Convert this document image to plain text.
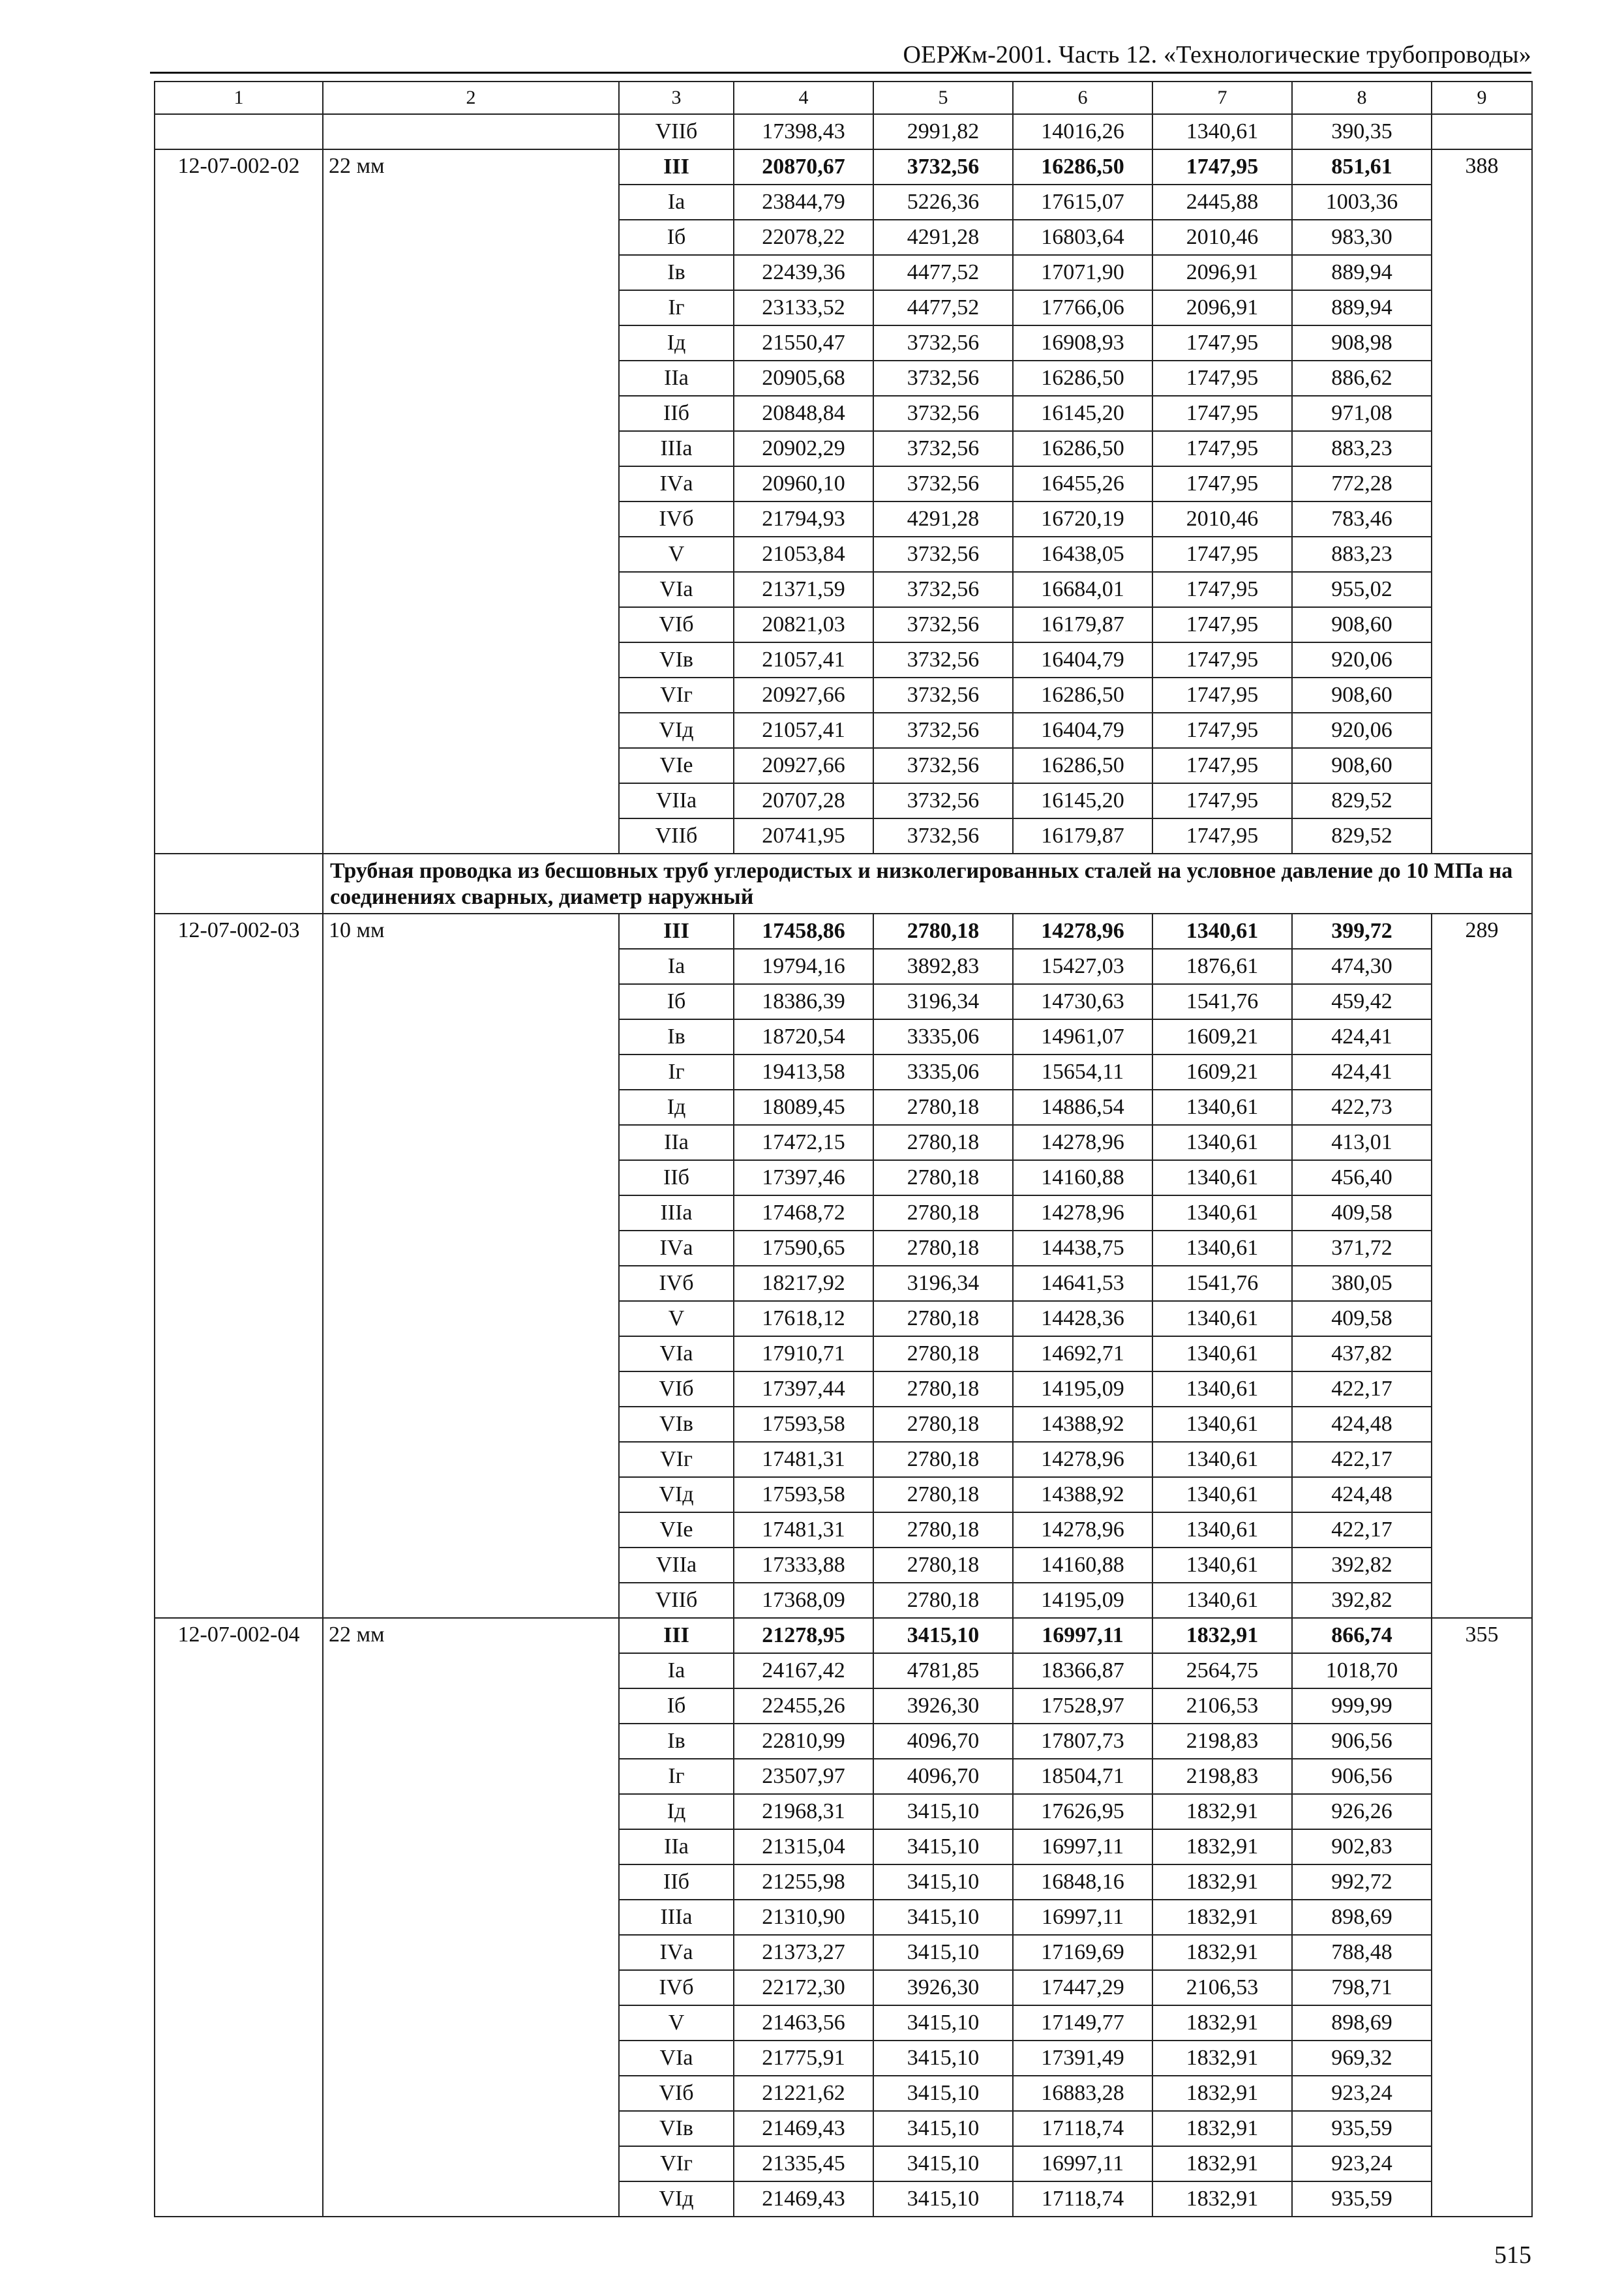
ОЕРЖм-2001. Часть 12. «Технологические трубопроводы»
1	2	3	4	5	6	7	8	9
		VIIб	17398,43	2991,82	14016,26	1340,61	390,35	
12-07-002-02	22 мм	III	20870,67	3732,56	16286,50	1747,95	851,61	388
		Iа	23844,79	5226,36	17615,07	2445,88	1003,36	
		Iб	22078,22	4291,28	16803,64	2010,46	983,30	
		Iв	22439,36	4477,52	17071,90	2096,91	889,94	
		Iг	23133,52	4477,52	17766,06	2096,91	889,94	
		Iд	21550,47	3732,56	16908,93	1747,95	908,98	
		IIа	20905,68	3732,56	16286,50	1747,95	886,62	
		IIб	20848,84	3732,56	16145,20	1747,95	971,08	
		IIIа	20902,29	3732,56	16286,50	1747,95	883,23	
		IVа	20960,10	3732,56	16455,26	1747,95	772,28	
		IVб	21794,93	4291,28	16720,19	2010,46	783,46	
		V	21053,84	3732,56	16438,05	1747,95	883,23	
		VIа	21371,59	3732,56	16684,01	1747,95	955,02	
		VIб	20821,03	3732,56	16179,87	1747,95	908,60	
		VIв	21057,41	3732,56	16404,79	1747,95	920,06	
		VIг	20927,66	3732,56	16286,50	1747,95	908,60	
		VIд	21057,41	3732,56	16404,79	1747,95	920,06	
		VIе	20927,66	3732,56	16286,50	1747,95	908,60	
		VIIа	20707,28	3732,56	16145,20	1747,95	829,52	
		VIIб	20741,95	3732,56	16179,87	1747,95	829,52	
	Трубная проводка из бесшовных труб углеродистых и низколегированных сталей на условное давление до 10 МПа на соединениях сварных, диаметр наружный							
12-07-002-03	10 мм	III	17458,86	2780,18	14278,96	1340,61	399,72	289
		Iа	19794,16	3892,83	15427,03	1876,61	474,30	
		Iб	18386,39	3196,34	14730,63	1541,76	459,42	
		Iв	18720,54	3335,06	14961,07	1609,21	424,41	
		Iг	19413,58	3335,06	15654,11	1609,21	424,41	
		Iд	18089,45	2780,18	14886,54	1340,61	422,73	
		IIа	17472,15	2780,18	14278,96	1340,61	413,01	
		IIб	17397,46	2780,18	14160,88	1340,61	456,40	
		IIIа	17468,72	2780,18	14278,96	1340,61	409,58	
		IVа	17590,65	2780,18	14438,75	1340,61	371,72	
		IVб	18217,92	3196,34	14641,53	1541,76	380,05	
		V	17618,12	2780,18	14428,36	1340,61	409,58	
		VIа	17910,71	2780,18	14692,71	1340,61	437,82	
		VIб	17397,44	2780,18	14195,09	1340,61	422,17	
		VIв	17593,58	2780,18	14388,92	1340,61	424,48	
		VIг	17481,31	2780,18	14278,96	1340,61	422,17	
		VIд	17593,58	2780,18	14388,92	1340,61	424,48	
		VIе	17481,31	2780,18	14278,96	1340,61	422,17	
		VIIа	17333,88	2780,18	14160,88	1340,61	392,82	
		VIIб	17368,09	2780,18	14195,09	1340,61	392,82	
12-07-002-04	22 мм	III	21278,95	3415,10	16997,11	1832,91	866,74	355
		Iа	24167,42	4781,85	18366,87	2564,75	1018,70	
		Iб	22455,26	3926,30	17528,97	2106,53	999,99	
		Iв	22810,99	4096,70	17807,73	2198,83	906,56	
		Iг	23507,97	4096,70	18504,71	2198,83	906,56	
		Iд	21968,31	3415,10	17626,95	1832,91	926,26	
		IIа	21315,04	3415,10	16997,11	1832,91	902,83	
		IIб	21255,98	3415,10	16848,16	1832,91	992,72	
		IIIа	21310,90	3415,10	16997,11	1832,91	898,69	
		IVа	21373,27	3415,10	17169,69	1832,91	788,48	
		IVб	22172,30	3926,30	17447,29	2106,53	798,71	
		V	21463,56	3415,10	17149,77	1832,91	898,69	
		VIа	21775,91	3415,10	17391,49	1832,91	969,32	
		VIб	21221,62	3415,10	16883,28	1832,91	923,24	
		VIв	21469,43	3415,10	17118,74	1832,91	935,59	
		VIг	21335,45	3415,10	16997,11	1832,91	923,24	
		VIд	21469,43	3415,10	17118,74	1832,91	935,59	
515
